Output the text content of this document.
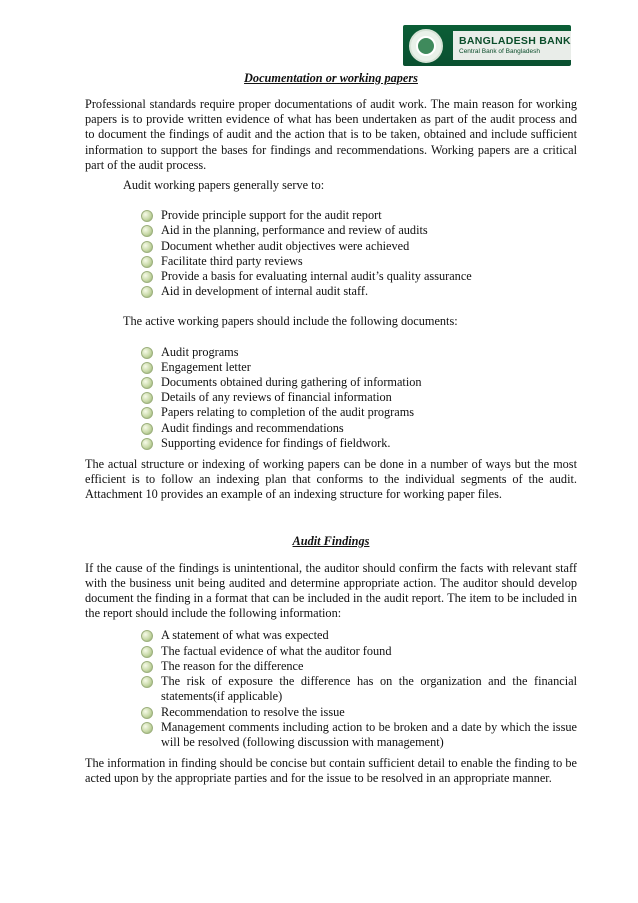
BANGLADESH BANK
Central Bank of Bangladesh
Documentation or working papers

Professional standards require proper documentations of audit work. The main reason for working papers is to provide written evidence of what has been undertaken as part of the audit process and to document the findings of audit and the action that is to be taken, obtained and include sufficient information to support the bases for findings and recommendations. Working papers are a critical part of the audit process.

Audit working papers generally serve to:

Provide principle support for the audit report
Aid in the planning, performance and review of audits
Document whether audit objectives were achieved
Facilitate third party reviews
Provide a basis for evaluating internal audit’s quality assurance
Aid in development of internal audit staff.

The active working papers should include the following documents:

Audit programs
Engagement letter
Documents obtained during gathering of information
Details of any reviews of financial information
Papers relating to completion of the audit programs
Audit findings and recommendations
Supporting evidence for findings of fieldwork.

The actual structure or indexing of working papers can be done in a number of ways but the most efficient is to follow an indexing plan that conforms to the individual segments of the audit. Attachment 10 provides an example of an indexing structure for working paper files.

Audit Findings

If the cause of the findings is unintentional, the auditor should confirm the facts with relevant staff with the business unit being audited and determine appropriate action. The auditor should develop document the finding in a format that can be included in the audit report. The item to be included in the report should include the following information:

A statement of what was expected
The factual evidence of what the auditor found
The reason for the difference
The risk of exposure the difference has on the organization and the financial statements(if applicable)
Recommendation to resolve the issue
Management comments including action to be broken and a date by which the issue will be resolved (following discussion with management)

The information in finding should be concise but contain sufficient detail to enable the finding to be acted upon by the appropriate parties and for the issue to be resolved in an appropriate manner.
